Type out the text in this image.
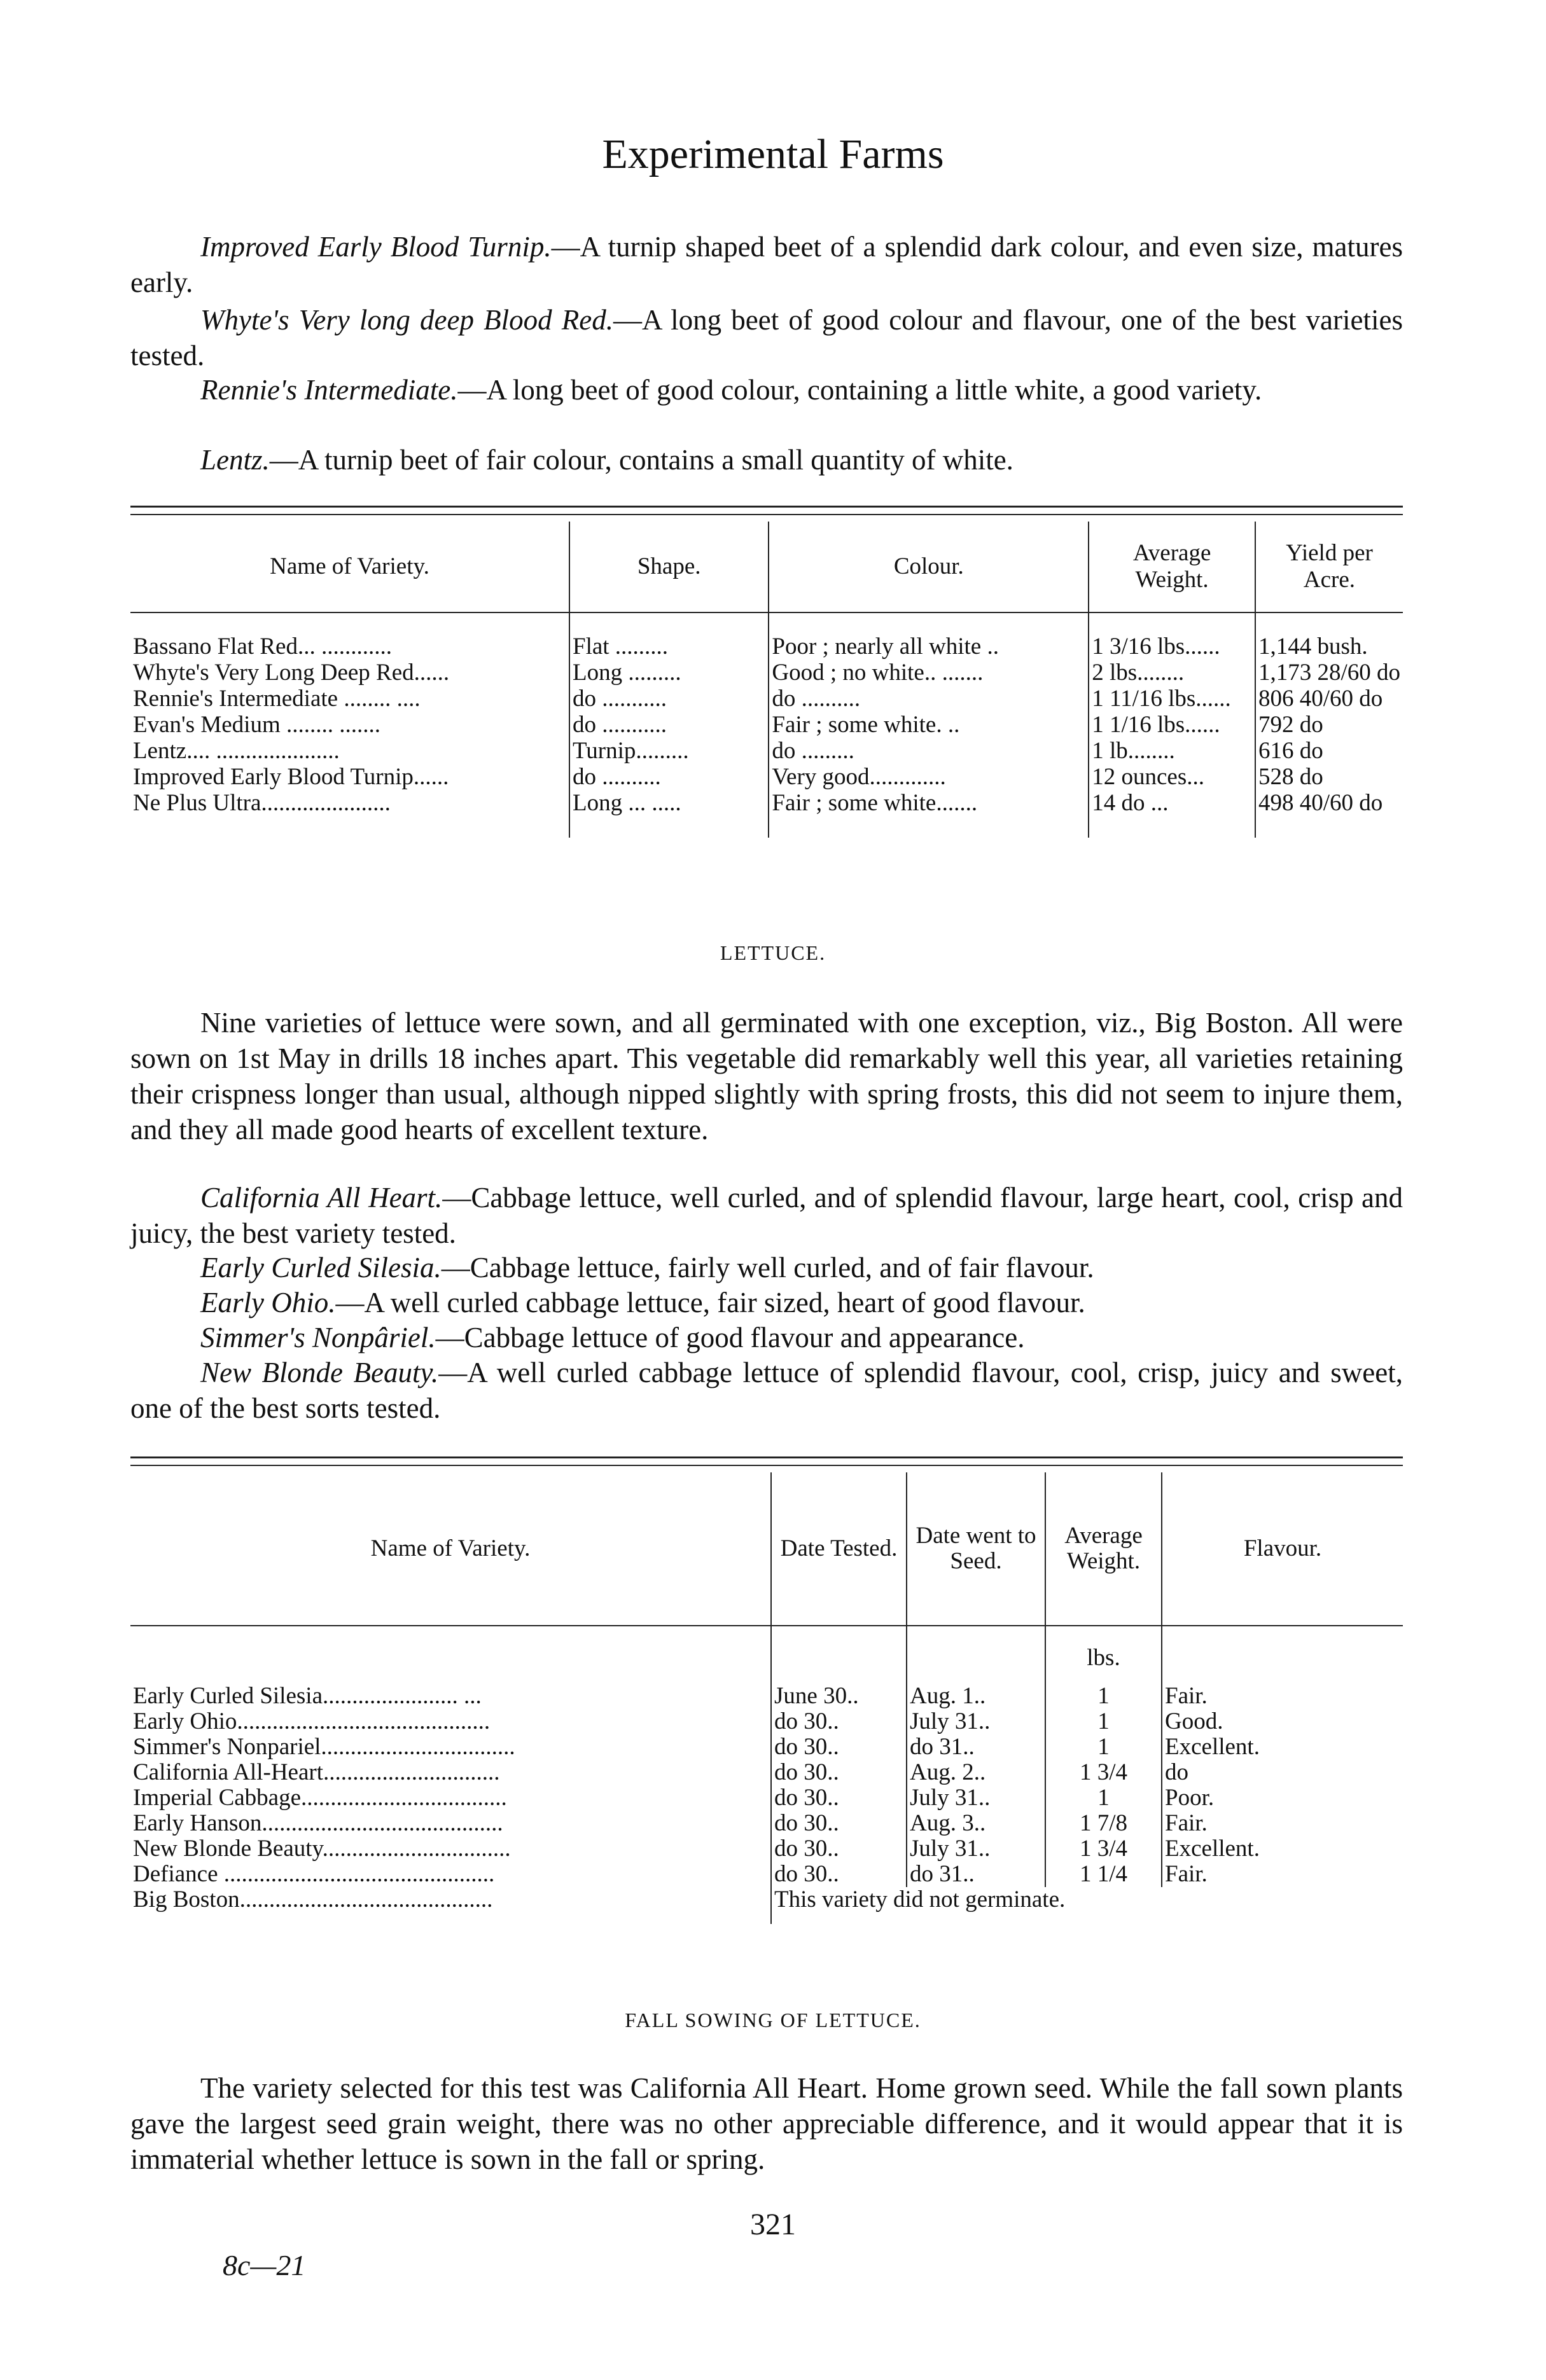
Experimental Farms
Improved Early Blood Turnip.—A turnip shaped beet of a splendid dark colour, and even size, matures early.
Whyte's Very long deep Blood Red.—A long beet of good colour and flavour, one of the best varieties tested.
Rennie's Intermediate.—A long beet of good colour, containing a little white, a good variety.
Lentz.—A turnip beet of fair colour, contains a small quantity of white.
Name of Variety.	Shape.	Colour.	Average Weight.	Yield per Acre.
Bassano Flat Red... ............	Flat .........	Poor ; nearly all white ..	1 3/16 lbs......	1,144 bush.
Whyte's Very Long Deep Red......	Long .........	Good ; no white.. .......	2 lbs........	1,173 28/60 do
Rennie's Intermediate ........ ....	do ...........	do ..........	1 11/16 lbs......	806 40/60 do
Evan's Medium ........ .......	do ...........	Fair ; some white. ..	1 1/16 lbs......	792 do
Lentz.... .....................	Turnip.........	do .........	1 lb........	616 do
Improved Early Blood Turnip......	do ..........	Very good.............	12 ounces...	528 do
Ne Plus Ultra......................	Long ... .....	Fair ; some white.......	14 do ...	498 40/60 do
LETTUCE.
Nine varieties of lettuce were sown, and all germinated with one exception, viz., Big Boston. All were sown on 1st May in drills 18 inches apart. This vegetable did remarkably well this year, all varieties retaining their crispness longer than usual, although nipped slightly with spring frosts, this did not seem to injure them, and they all made good hearts of excellent texture.
California All Heart.—Cabbage lettuce, well curled, and of splendid flavour, large heart, cool, crisp and juicy, the best variety tested.
Early Curled Silesia.—Cabbage lettuce, fairly well curled, and of fair flavour.
Early Ohio.—A well curled cabbage lettuce, fair sized, heart of good flavour.
Simmer's Nonpâriel.—Cabbage lettuce of good flavour and appearance.
New Blonde Beauty.—A well curled cabbage lettuce of splendid flavour, cool, crisp, juicy and sweet, one of the best sorts tested.
Name of Variety.	Date Tested.	Date went to Seed.	Average Weight.	Flavour.
			lbs.	
Early Curled Silesia....................... ...	June 30..	Aug. 1..	1	Fair.
Early Ohio...........................................	do 30..	July 31..	1	Good.
Simmer's Nonpariel.................................	do 30..	do 31..	1	Excellent.
California All-Heart..............................	do 30..	Aug. 2..	1 3/4	do
Imperial Cabbage...................................	do 30..	July 31..	1	Poor.
Early Hanson.........................................	do 30..	Aug. 3..	1 7/8	Fair.
New Blonde Beauty................................	do 30..	July 31..	1 3/4	Excellent.
Defiance ..............................................	do 30..	do 31..	1 1/4	Fair.
Big Boston...........................................	This variety did not germinate.			
FALL SOWING OF LETTUCE.
The variety selected for this test was California All Heart. Home grown seed. While the fall sown plants gave the largest seed grain weight, there was no other appreciable difference, and it would appear that it is immaterial whether lettuce is sown in the fall or spring.
321
8c—21
